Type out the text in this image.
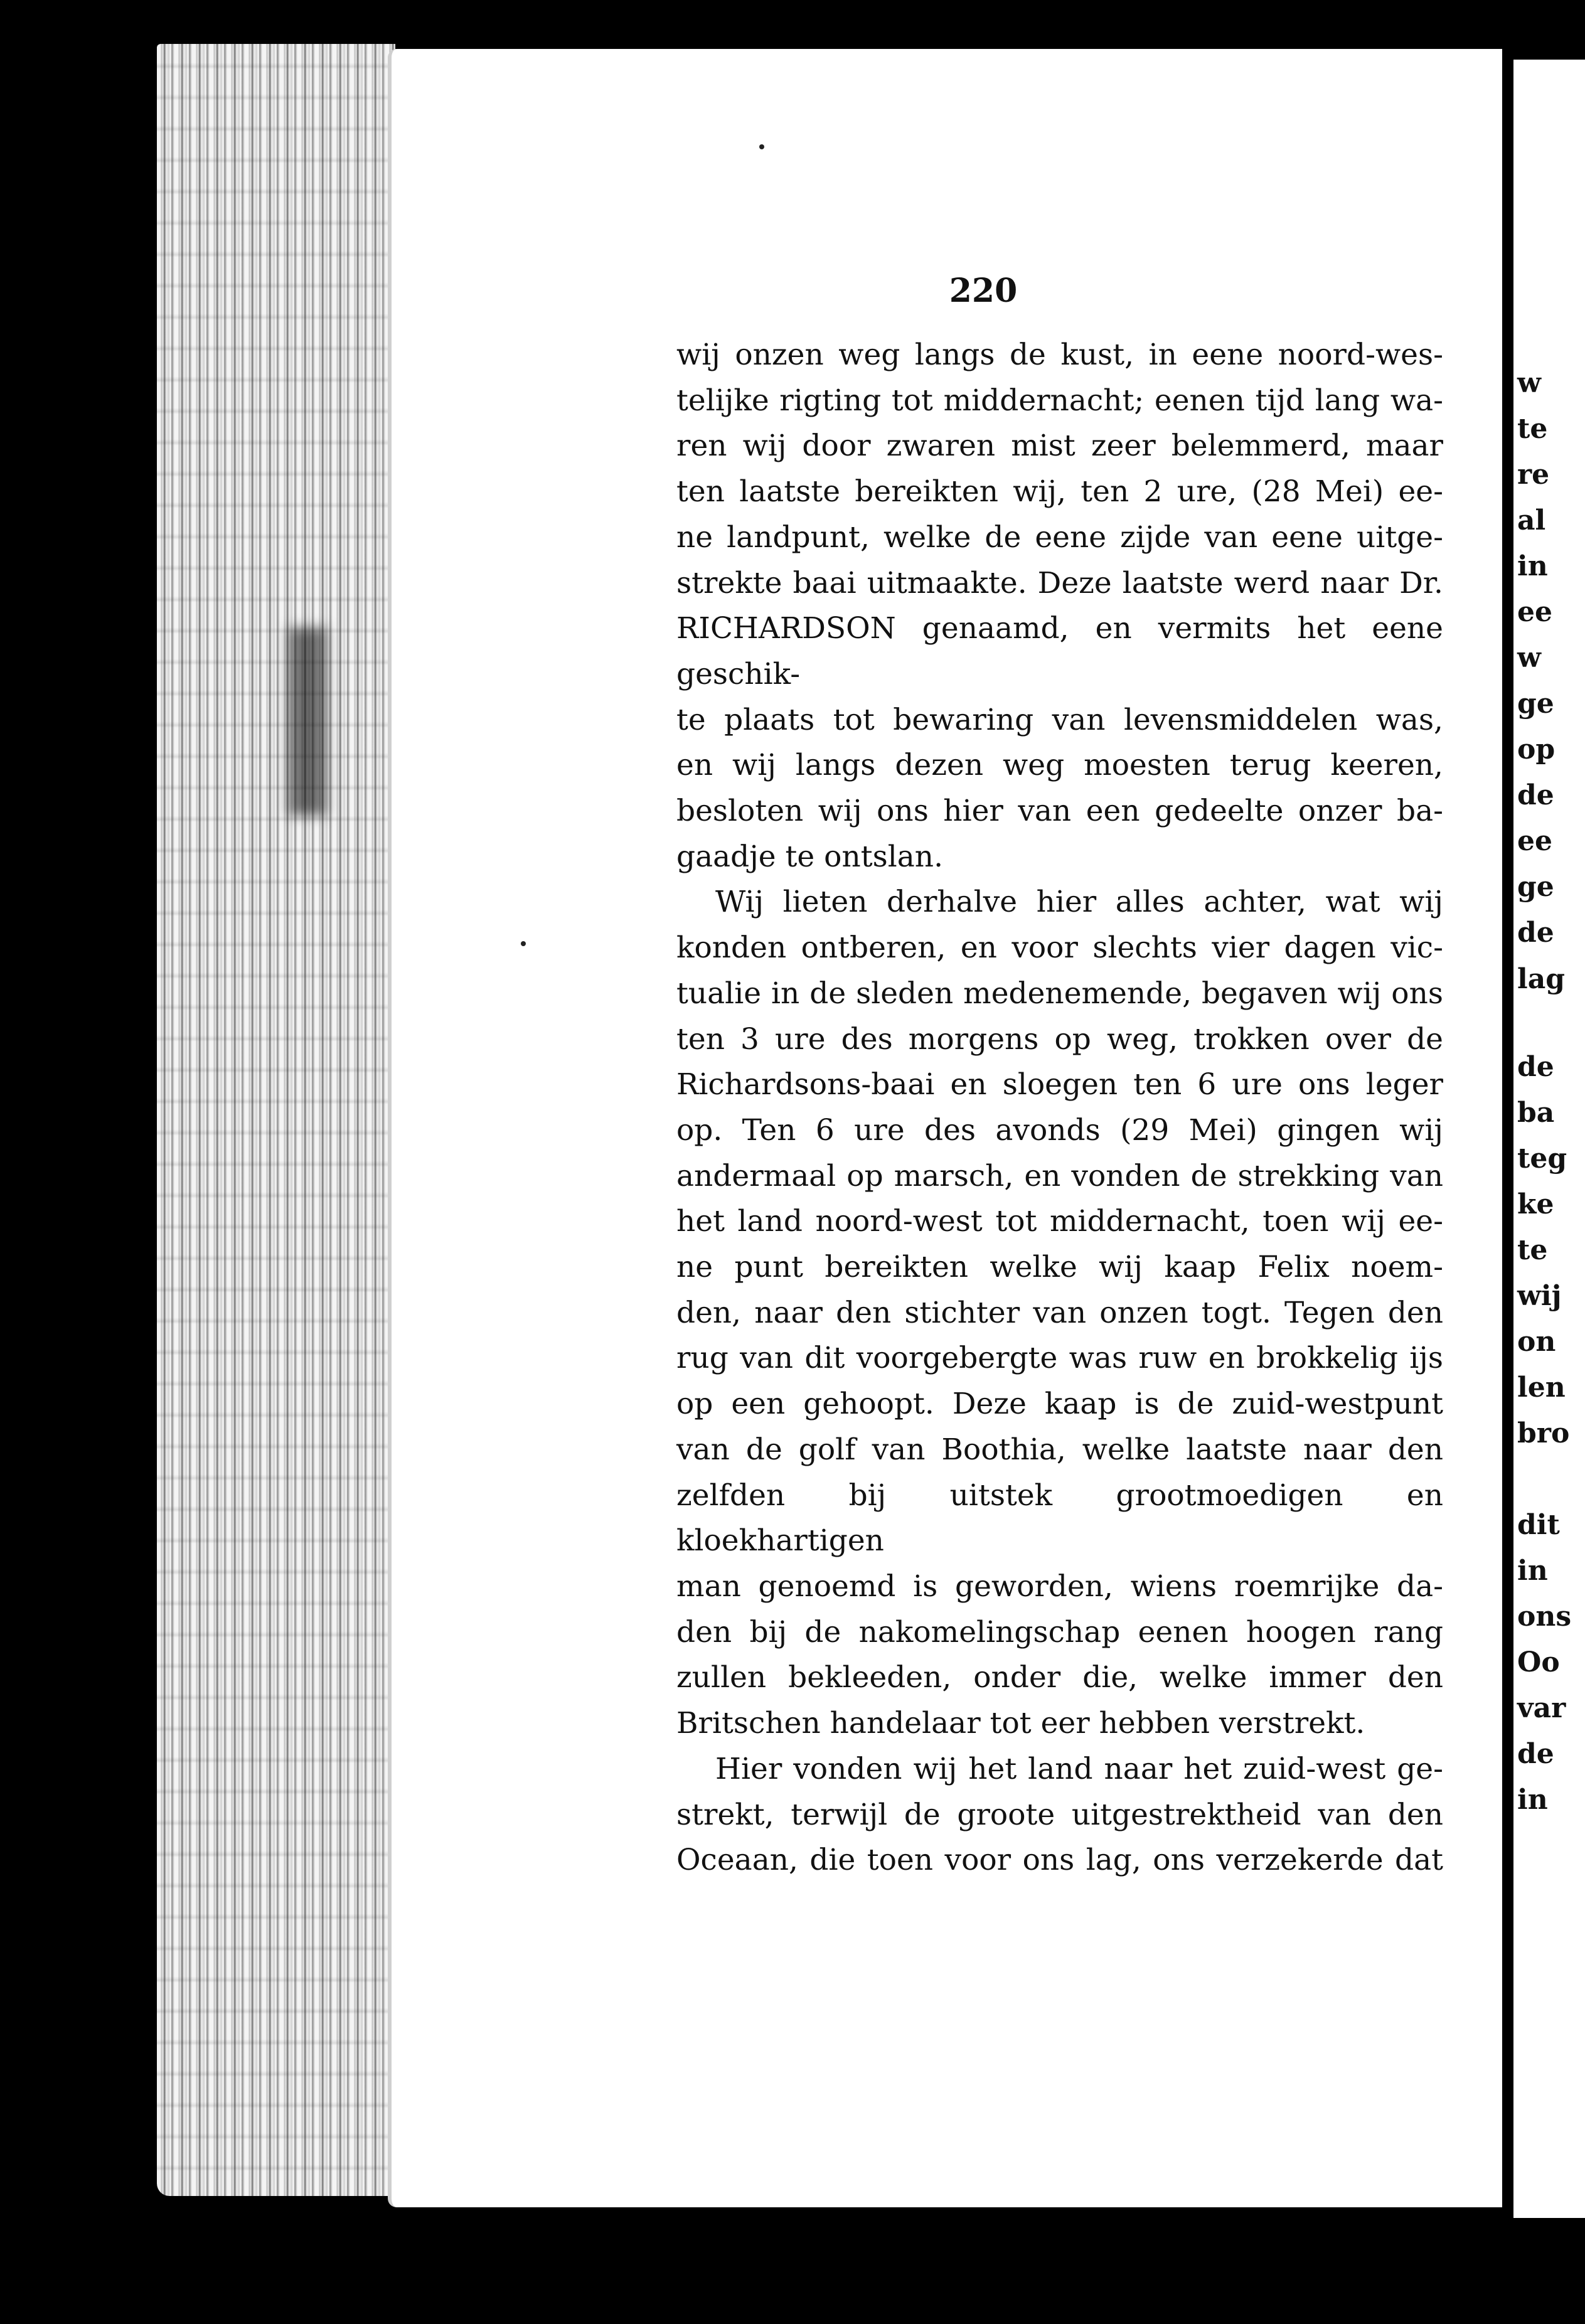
220

wij onzen weg langs de kust, in eene noord-wes-

telijke rigting tot middernacht; eenen tijd lang wa-

ren wij door zwaren mist zeer belemmerd, maar

ten laatste bereikten wij, ten 2 ure, (28 Mei) ee-

ne landpunt, welke de eene zijde van eene uitge-

strekte baai uitmaakte. Deze laatste werd naar Dr.

RICHARDSON genaamd, en vermits het eene geschik-

te plaats tot bewaring van levensmiddelen was,

en wij langs dezen weg moesten terug keeren,

besloten wij ons hier van een gedeelte onzer ba-

gaadje te ontslan.

Wij lieten derhalve hier alles achter, wat wij

konden ontberen, en voor slechts vier dagen vic-

tualie in de sleden medenemende, begaven wij ons

ten 3 ure des morgens op weg, trokken over de

Richardsons-baai en sloegen ten 6 ure ons leger

op. Ten 6 ure des avonds (29 Mei) gingen wij

andermaal op marsch, en vonden de strekking van

het land noord-west tot middernacht, toen wij ee-

ne punt bereikten welke wij kaap Felix noem-

den, naar den stichter van onzen togt. Tegen den

rug van dit voorgebergte was ruw en brokkelig ijs

op een gehoopt. Deze kaap is de zuid-westpunt

van de golf van Boothia, welke laatste naar den

zelfden bij uitstek grootmoedigen en kloekhartigen

man genoemd is geworden, wiens roemrijke da-

den bij de nakomelingschap eenen hoogen rang

zullen bekleeden, onder die, welke immer den

Britschen handelaar tot eer hebben verstrekt.

Hier vonden wij het land naar het zuid-west ge-

strekt, terwijl de groote uitgestrektheid van den

Oceaan, die toen voor ons lag, ons verzekerde dat

w
te
re
al
in
ee
w
ge
op
de
ee
ge
de
lag
de
ba
teg
ke
te
wij
on
len
bro
dit
in
ons
Oo
var
de
in
